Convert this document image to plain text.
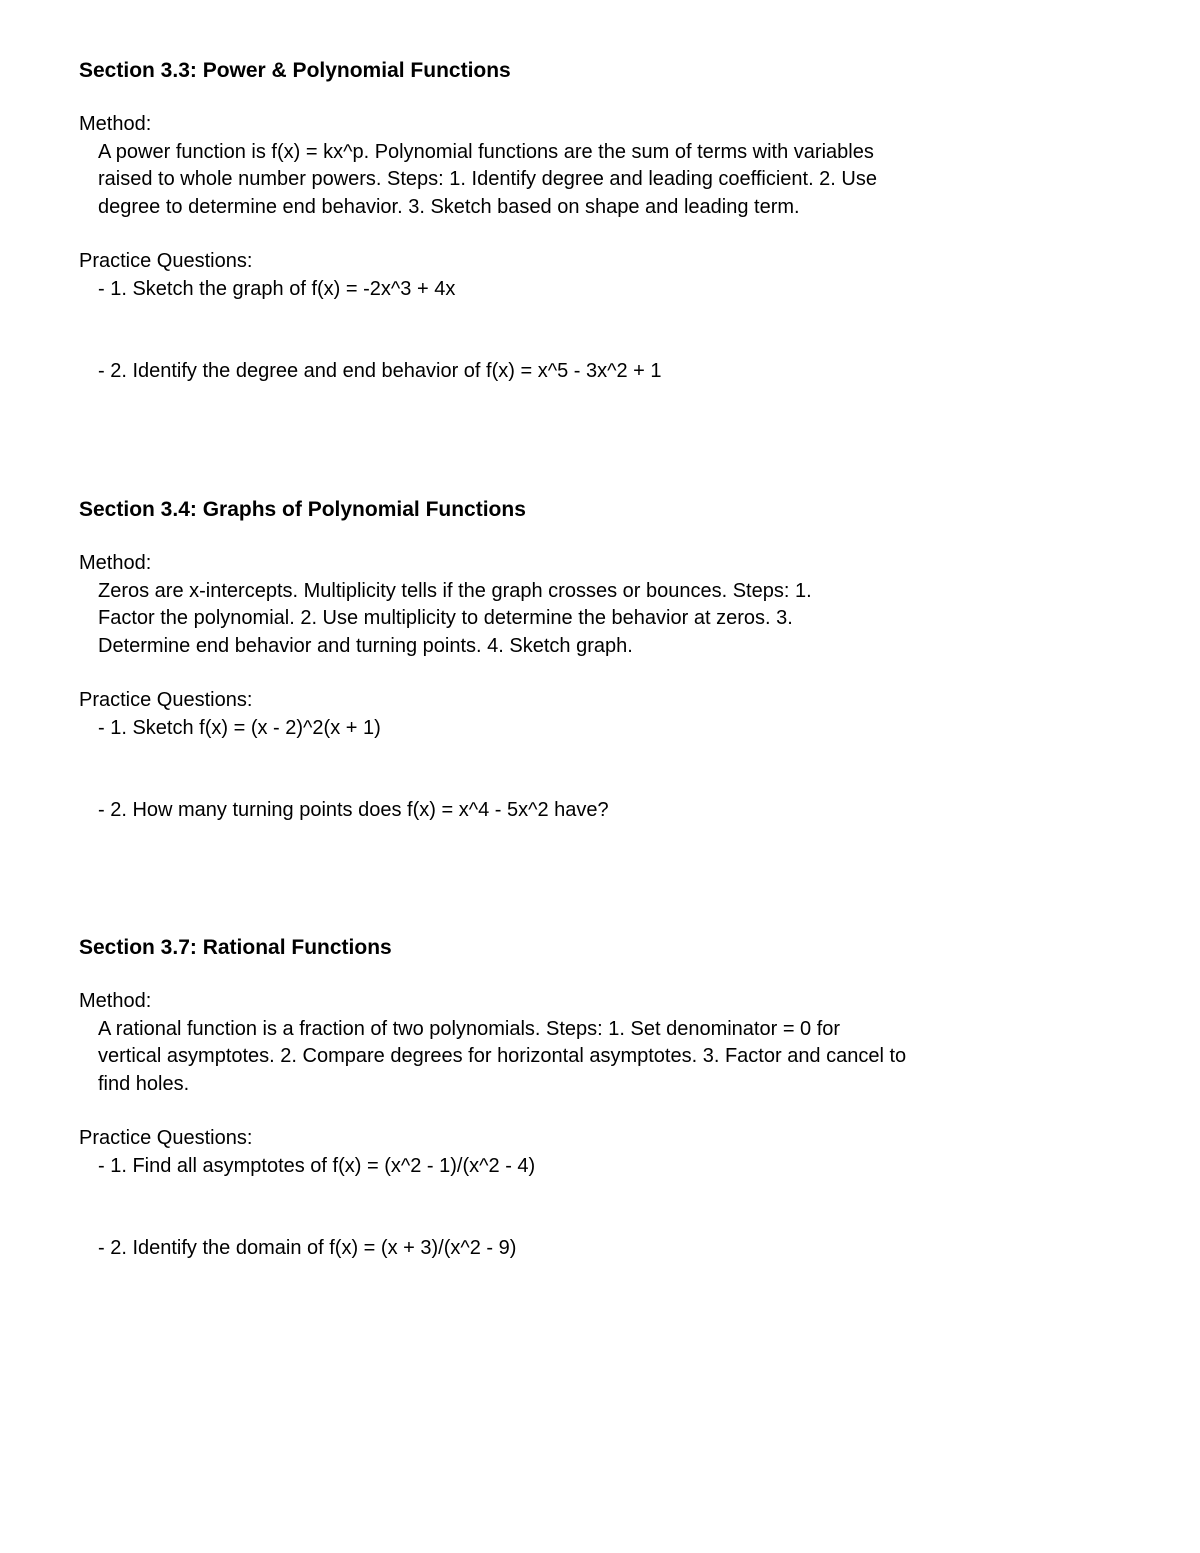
Section 3.3: Power & Polynomial Functions

Method:

A power function is f(x) = kx^p. Polynomial functions are the sum of terms with variables

raised to whole number powers. Steps: 1. Identify degree and leading coefficient. 2. Use

degree to determine end behavior. 3. Sketch based on shape and leading term.

Practice Questions:

- 1. Sketch the graph of f(x) = -2x^3 + 4x

- 2. Identify the degree and end behavior of f(x) = x^5 - 3x^2 + 1

Section 3.4: Graphs of Polynomial Functions

Method:

Zeros are x-intercepts. Multiplicity tells if the graph crosses or bounces. Steps: 1.

Factor the polynomial. 2. Use multiplicity to determine the behavior at zeros. 3.

Determine end behavior and turning points. 4. Sketch graph.

Practice Questions:

- 1. Sketch f(x) = (x - 2)^2(x + 1)

- 2. How many turning points does f(x) = x^4 - 5x^2 have?

Section 3.7: Rational Functions

Method:

A rational function is a fraction of two polynomials. Steps: 1. Set denominator = 0 for

vertical asymptotes. 2. Compare degrees for horizontal asymptotes. 3. Factor and cancel to

find holes.

Practice Questions:

- 1. Find all asymptotes of f(x) = (x^2 - 1)/(x^2 - 4)

- 2. Identify the domain of f(x) = (x + 3)/(x^2 - 9)
